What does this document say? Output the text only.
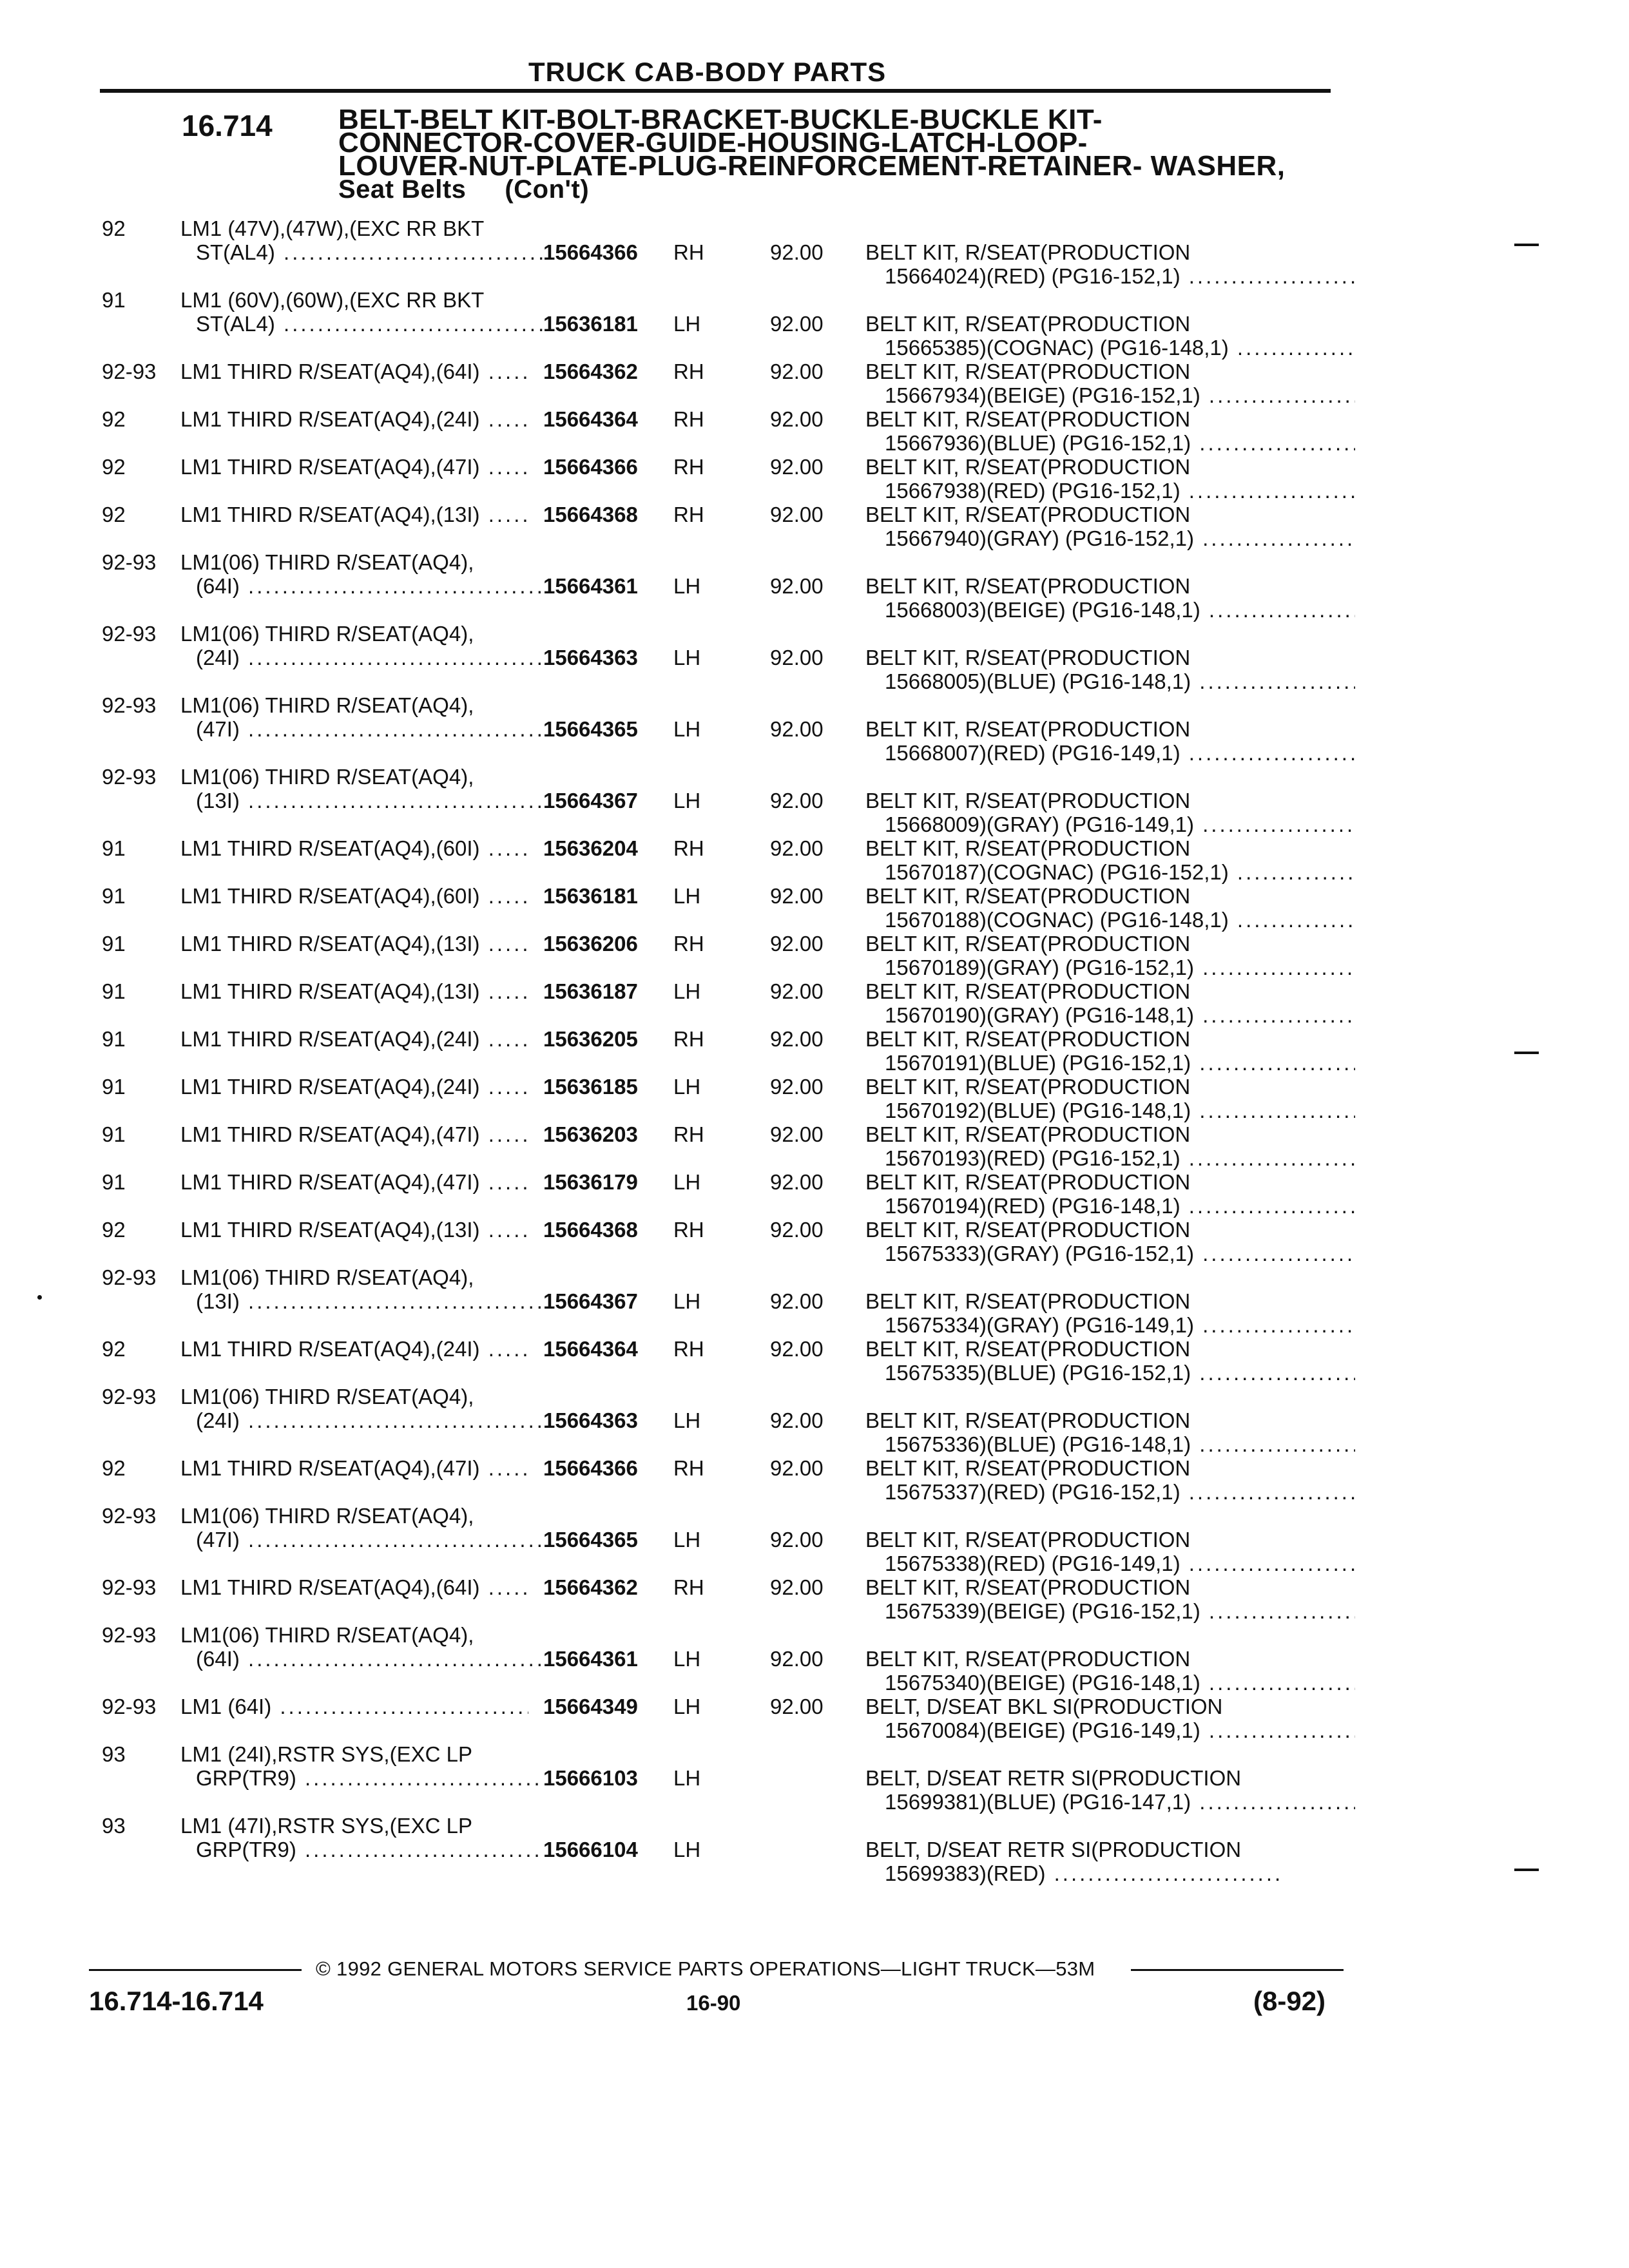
TRUCK CAB-BODY PARTS
16.714 BELT-BELT KIT-BOLT-BRACKET-BUCKLE-BUCKLE KIT-
CONNECTOR-COVER-GUIDE-HOUSING-LATCH-LOOP-
LOUVER-NUT-PLATE-PLUG-REINFORCEMENT-RETAINER- WASHER,
Seat Belts (Con't)
92	LM1 (47V),(47W),(EXC RR BKT
ST(AL4) .....	15664366 RH	92.00 BELT KIT, R/SEAT(PRODUCTION
15664024)(RED) (PG16-152,1) .....
91	LM1 (60V),(60W),(EXC RR BKT
ST(AL4) .....	15636181 LH	92.00 BELT KIT, R/SEAT(PRODUCTION
15665385)(COGNAC) (PG16-148,1) .....
92-93	LM1 THIRD R/SEAT(AQ4),(64I) .....	15664362 RH	92.00 BELT KIT, R/SEAT(PRODUCTION
15667934)(BEIGE) (PG16-152,1) .....
92	LM1 THIRD R/SEAT(AQ4),(24I) .....	15664364 RH	92.00 BELT KIT, R/SEAT(PRODUCTION
15667936)(BLUE) (PG16-152,1) .....
92	LM1 THIRD R/SEAT(AQ4),(47I) .....	15664366 RH	92.00 BELT KIT, R/SEAT(PRODUCTION
15667938)(RED) (PG16-152,1) .....
92	LM1 THIRD R/SEAT(AQ4),(13I) .....	15664368 RH	92.00 BELT KIT, R/SEAT(PRODUCTION
15667940)(GRAY) (PG16-152,1) .....
92-93	LM1(06) THIRD R/SEAT(AQ4),
(64I) .....	15664361 LH	92.00 BELT KIT, R/SEAT(PRODUCTION
15668003)(BEIGE) (PG16-148,1) .....
92-93	LM1(06) THIRD R/SEAT(AQ4),
(24I) .....	15664363 LH	92.00 BELT KIT, R/SEAT(PRODUCTION
15668005)(BLUE) (PG16-148,1) .....
92-93	LM1(06) THIRD R/SEAT(AQ4),
(47I) .....	15664365 LH	92.00 BELT KIT, R/SEAT(PRODUCTION
15668007)(RED) (PG16-149,1) .....
92-93	LM1(06) THIRD R/SEAT(AQ4),
(13I) .....	15664367 LH	92.00 BELT KIT, R/SEAT(PRODUCTION
15668009)(GRAY) (PG16-149,1) .....
91	LM1 THIRD R/SEAT(AQ4),(60I) .....	15636204 RH	92.00 BELT KIT, R/SEAT(PRODUCTION
15670187)(COGNAC) (PG16-152,1) .....
91	LM1 THIRD R/SEAT(AQ4),(60I) .....	15636181 LH	92.00 BELT KIT, R/SEAT(PRODUCTION
15670188)(COGNAC) (PG16-148,1) .....
91	LM1 THIRD R/SEAT(AQ4),(13I) .....	15636206 RH	92.00 BELT KIT, R/SEAT(PRODUCTION
15670189)(GRAY) (PG16-152,1) .....
91	LM1 THIRD R/SEAT(AQ4),(13I) .....	15636187 LH	92.00 BELT KIT, R/SEAT(PRODUCTION
15670190)(GRAY) (PG16-148,1) .....
91	LM1 THIRD R/SEAT(AQ4),(24I) .....	15636205 RH	92.00 BELT KIT, R/SEAT(PRODUCTION
15670191)(BLUE) (PG16-152,1) .....
91	LM1 THIRD R/SEAT(AQ4),(24I) .....	15636185 LH	92.00 BELT KIT, R/SEAT(PRODUCTION
15670192)(BLUE) (PG16-148,1) .....
91	LM1 THIRD R/SEAT(AQ4),(47I) .....	15636203 RH	92.00 BELT KIT, R/SEAT(PRODUCTION
15670193)(RED) (PG16-152,1) .....
91	LM1 THIRD R/SEAT(AQ4),(47I) .....	15636179 LH	92.00 BELT KIT, R/SEAT(PRODUCTION
15670194)(RED) (PG16-148,1) .....
92	LM1 THIRD R/SEAT(AQ4),(13I) .....	15664368 RH	92.00 BELT KIT, R/SEAT(PRODUCTION
15675333)(GRAY) (PG16-152,1) .....
92-93	LM1(06) THIRD R/SEAT(AQ4),
(13I) .....	15664367 LH	92.00 BELT KIT, R/SEAT(PRODUCTION
15675334)(GRAY) (PG16-149,1) .....
92	LM1 THIRD R/SEAT(AQ4),(24I) .....	15664364 RH	92.00 BELT KIT, R/SEAT(PRODUCTION
15675335)(BLUE) (PG16-152,1) .....
92-93	LM1(06) THIRD R/SEAT(AQ4),
(24I) .....	15664363 LH	92.00 BELT KIT, R/SEAT(PRODUCTION
15675336)(BLUE) (PG16-148,1) .....
92	LM1 THIRD R/SEAT(AQ4),(47I) .....	15664366 RH	92.00 BELT KIT, R/SEAT(PRODUCTION
15675337)(RED) (PG16-152,1) .....
92-93	LM1(06) THIRD R/SEAT(AQ4),
(47I) .....	15664365 LH	92.00 BELT KIT, R/SEAT(PRODUCTION
15675338)(RED) (PG16-149,1) .....
92-93	LM1 THIRD R/SEAT(AQ4),(64I) .....	15664362 RH	92.00 BELT KIT, R/SEAT(PRODUCTION
15675339)(BEIGE) (PG16-152,1) .....
92-93	LM1(06) THIRD R/SEAT(AQ4),
(64I) .....	15664361 LH	92.00 BELT KIT, R/SEAT(PRODUCTION
15675340)(BEIGE) (PG16-148,1) .....
92-93	LM1 (64I) .....	15664349 LH	92.00 BELT, D/SEAT BKL SI(PRODUCTION
15670084)(BEIGE) (PG16-149,1) .....
93	LM1 (24I),RSTR SYS,(EXC LP
GRP(TR9) .....	15666103 LH	BELT, D/SEAT RETR SI(PRODUCTION
15699381)(BLUE) (PG16-147,1) .....
93	LM1 (47I),RSTR SYS,(EXC LP
GRP(TR9) .....	15666104 LH	BELT, D/SEAT RETR SI(PRODUCTION
15699383)(RED) .....
© 1992 GENERAL MOTORS SERVICE PARTS OPERATIONS—LIGHT TRUCK—53M
16.714-16.714	16-90	(8-92)
